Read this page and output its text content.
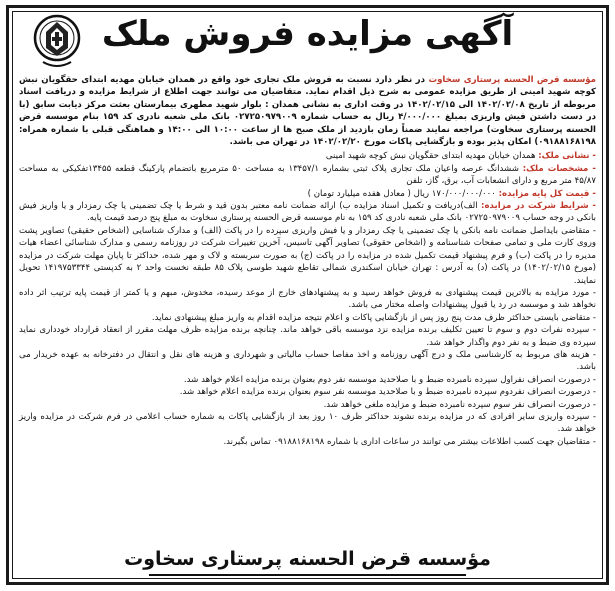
آگهی مزایده فروش ملک

مؤسسه قرض الحسنه پرستاری سخاوت در نظر دارد نسبت به فروش ملک تجاری خود واقع در همدان خیابان مهدیه ابتدای حقگویان نبش کوچه شهید امینی از طریق مزایده عمومی به شرح ذیل اقدام نماید. متقاضیان می توانند جهت اطلاع از شرایط مزایده و دریافت اسناد مربوطه از تاریخ ۱۴۰۲/۰۲/۰۸ الی ۱۴۰۲/۰۲/۱۵ در وقت اداری به نشانی همدان : بلوار شهید مطهری بیمارستان بعثت مرکز دیابت سابق (با در دست داشتن فیش واریزی بمبلغ ۴/۰۰۰/۰۰۰ ریال به حساب شماره ۰۲۷۲۵۰۹۷۹۰۰۹ بانک ملی شعبه نادری کد ۱۵۹ بنام موسسه قرض الحسنه پرستاری سخاوت) مراجعه نمایند ضمناً زمان بازدید از ملک صبح ها از ساعت ۱۰:۰۰ الی ۱۴:۰۰ و هماهنگی قبلی با شماره همراه: ۰۹۱۸۸۱۶۸۱۹۸) امکان پذیر بوده و بازگشایی پاکات مورخ ۱۴۰۲/۰۲/۲۰ در تهران می باشد.

- نشانی ملک: همدان خیابان مهدیه ابتدای حقگویان نبش کوچه شهید امینی

- مشخصات ملک: ششدانگ عرصه واعیان ملک تجاری پلاک ثبتی بشماره ۱۳۴۵۷/۱ به مساحت ۵۰ مترمربع باتضمام پارکینگ قطعه ۱۳۴۵۵تفکیکی به مساحت ۴۵/۸۷ متر مربع و دارای انشعابات آب، برق، گاز، تلفن

- قیمت کل پایه مزایده: ۱۷۰/۰۰۰/۰۰۰/۰۰۰ ریال ( معادل هفده میلیارد تومان )

- شرایط شرکت در مزایده: الف)دریافت و تکمیل اسناد مزایده ب) ارائه ضمانت نامه معتبر بدون قید و شرط یا چک تضمینی یا چک رمزدار و یا واریز فیش بانکی در وجه حساب ۰۲۷۲۵۰۹۷۹۰۰۹ بانک ملی شعبه نادری کد ۱۵۹ به نام موسسه قرض الحسنه پرستاری سخاوت به مبلغ پنج درصد قیمت پایه.

- متقاضی بایداصل ضمانت نامه بانکی یا چک تضمینی یا چک رمزدار و یا فیش واریزی سپرده را در پاکت (الف) و مدارک شناسایی (اشخاص حقیقی) تصاویر پشت وروی کارت ملی و تمامی صفحات شناسنامه و (اشخاص حقوقی) تصاویر آگهی تاسیس، آخرین تغییرات شرکت در روزنامه رسمی و مدارک شناسائی اعضاء هیات مدیره را در پاکت (ب) و فرم پیشنهاد قیمت تکمیل شده در مزایده را در پاکت (ج) به صورت سربسته و لاک و مهر شده، حداکثر تا پایان مهلت شرکت در مزایده (مورخ ۱۴۰۲/۰۲/۱۵) در پاکت (د) به آدرس : تهران خیابان اسکندری شمالی تقاطع شهید طوسی پلاک ۸۵ طبقه نخست واحد ۲ به کدپستی ۱۴۱۹۷۵۳۳۴۴ تحویل نمایند.

- مورد مزایده به بالاترین قیمت پیشنهادی به فروش خواهد رسید و به پیشنهادهای خارج از موعد رسیده، مخدوش، مبهم و یا کمتر از قیمت پایه ترتیب اثر داده نخواهد شد و موسسه در رد یا قبول پیشنهادات واصله مختار می باشد.

- متقاضی بایستی حداکثر ظرف مدت پنج روز پس از بازگشایی پاکات و اعلام نتیجه مزایده اقدام به واریز مبلغ پیشنهادی نماید.

- سپرده نفرات دوم و سوم تا تعیین تکلیف برنده مزایده نزد موسسه باقی خواهد ماند. چنانچه برنده مزایده ظرف مهلت مقرر از انعقاد قرارداد خودداری نماید سپرده وی ضبط و به نفر دوم واگذار خواهد شد.

- هزینه های مربوط به کارشناسی ملک و درج آگهی روزنامه و اخذ مفاصا حساب مالیاتی و شهرداری و هزینه های نقل و انتقال در دفترخانه به عهده خریدار می باشد.

- درصورت انصراف نفراول سپرده نامبرده ضبط و با صلاحدید موسسه نفر دوم بعنوان برنده مزایده اعلام خواهد شد.

- درصورت انصراف نفردوم سپرده نامبرده ضبط و با صلاحدید موسسه نفر سوم بعنوان برنده مزایده اعلام خواهد شد.

- درصورت انصراف نفر سوم سپرده نامبرده ضبط و مزایده ملغی خواهد شد.

- سپرده واریزی سایر افرادی که در مزایده برنده نشوند حداکثر ظرف ۱۰ روز بعد از بازگشایی پاکات به شماره حساب اعلامی در فرم شرکت در مزایده واریز خواهد شد.

- متقاضیان جهت کسب اطلاعات بیشتر می توانند در ساعات اداری با شماره ۰۹۱۸۸۱۶۸۱۹۸ تماس بگیرند.

مؤسسه قرض الحسنه پرستاری سخاوت
